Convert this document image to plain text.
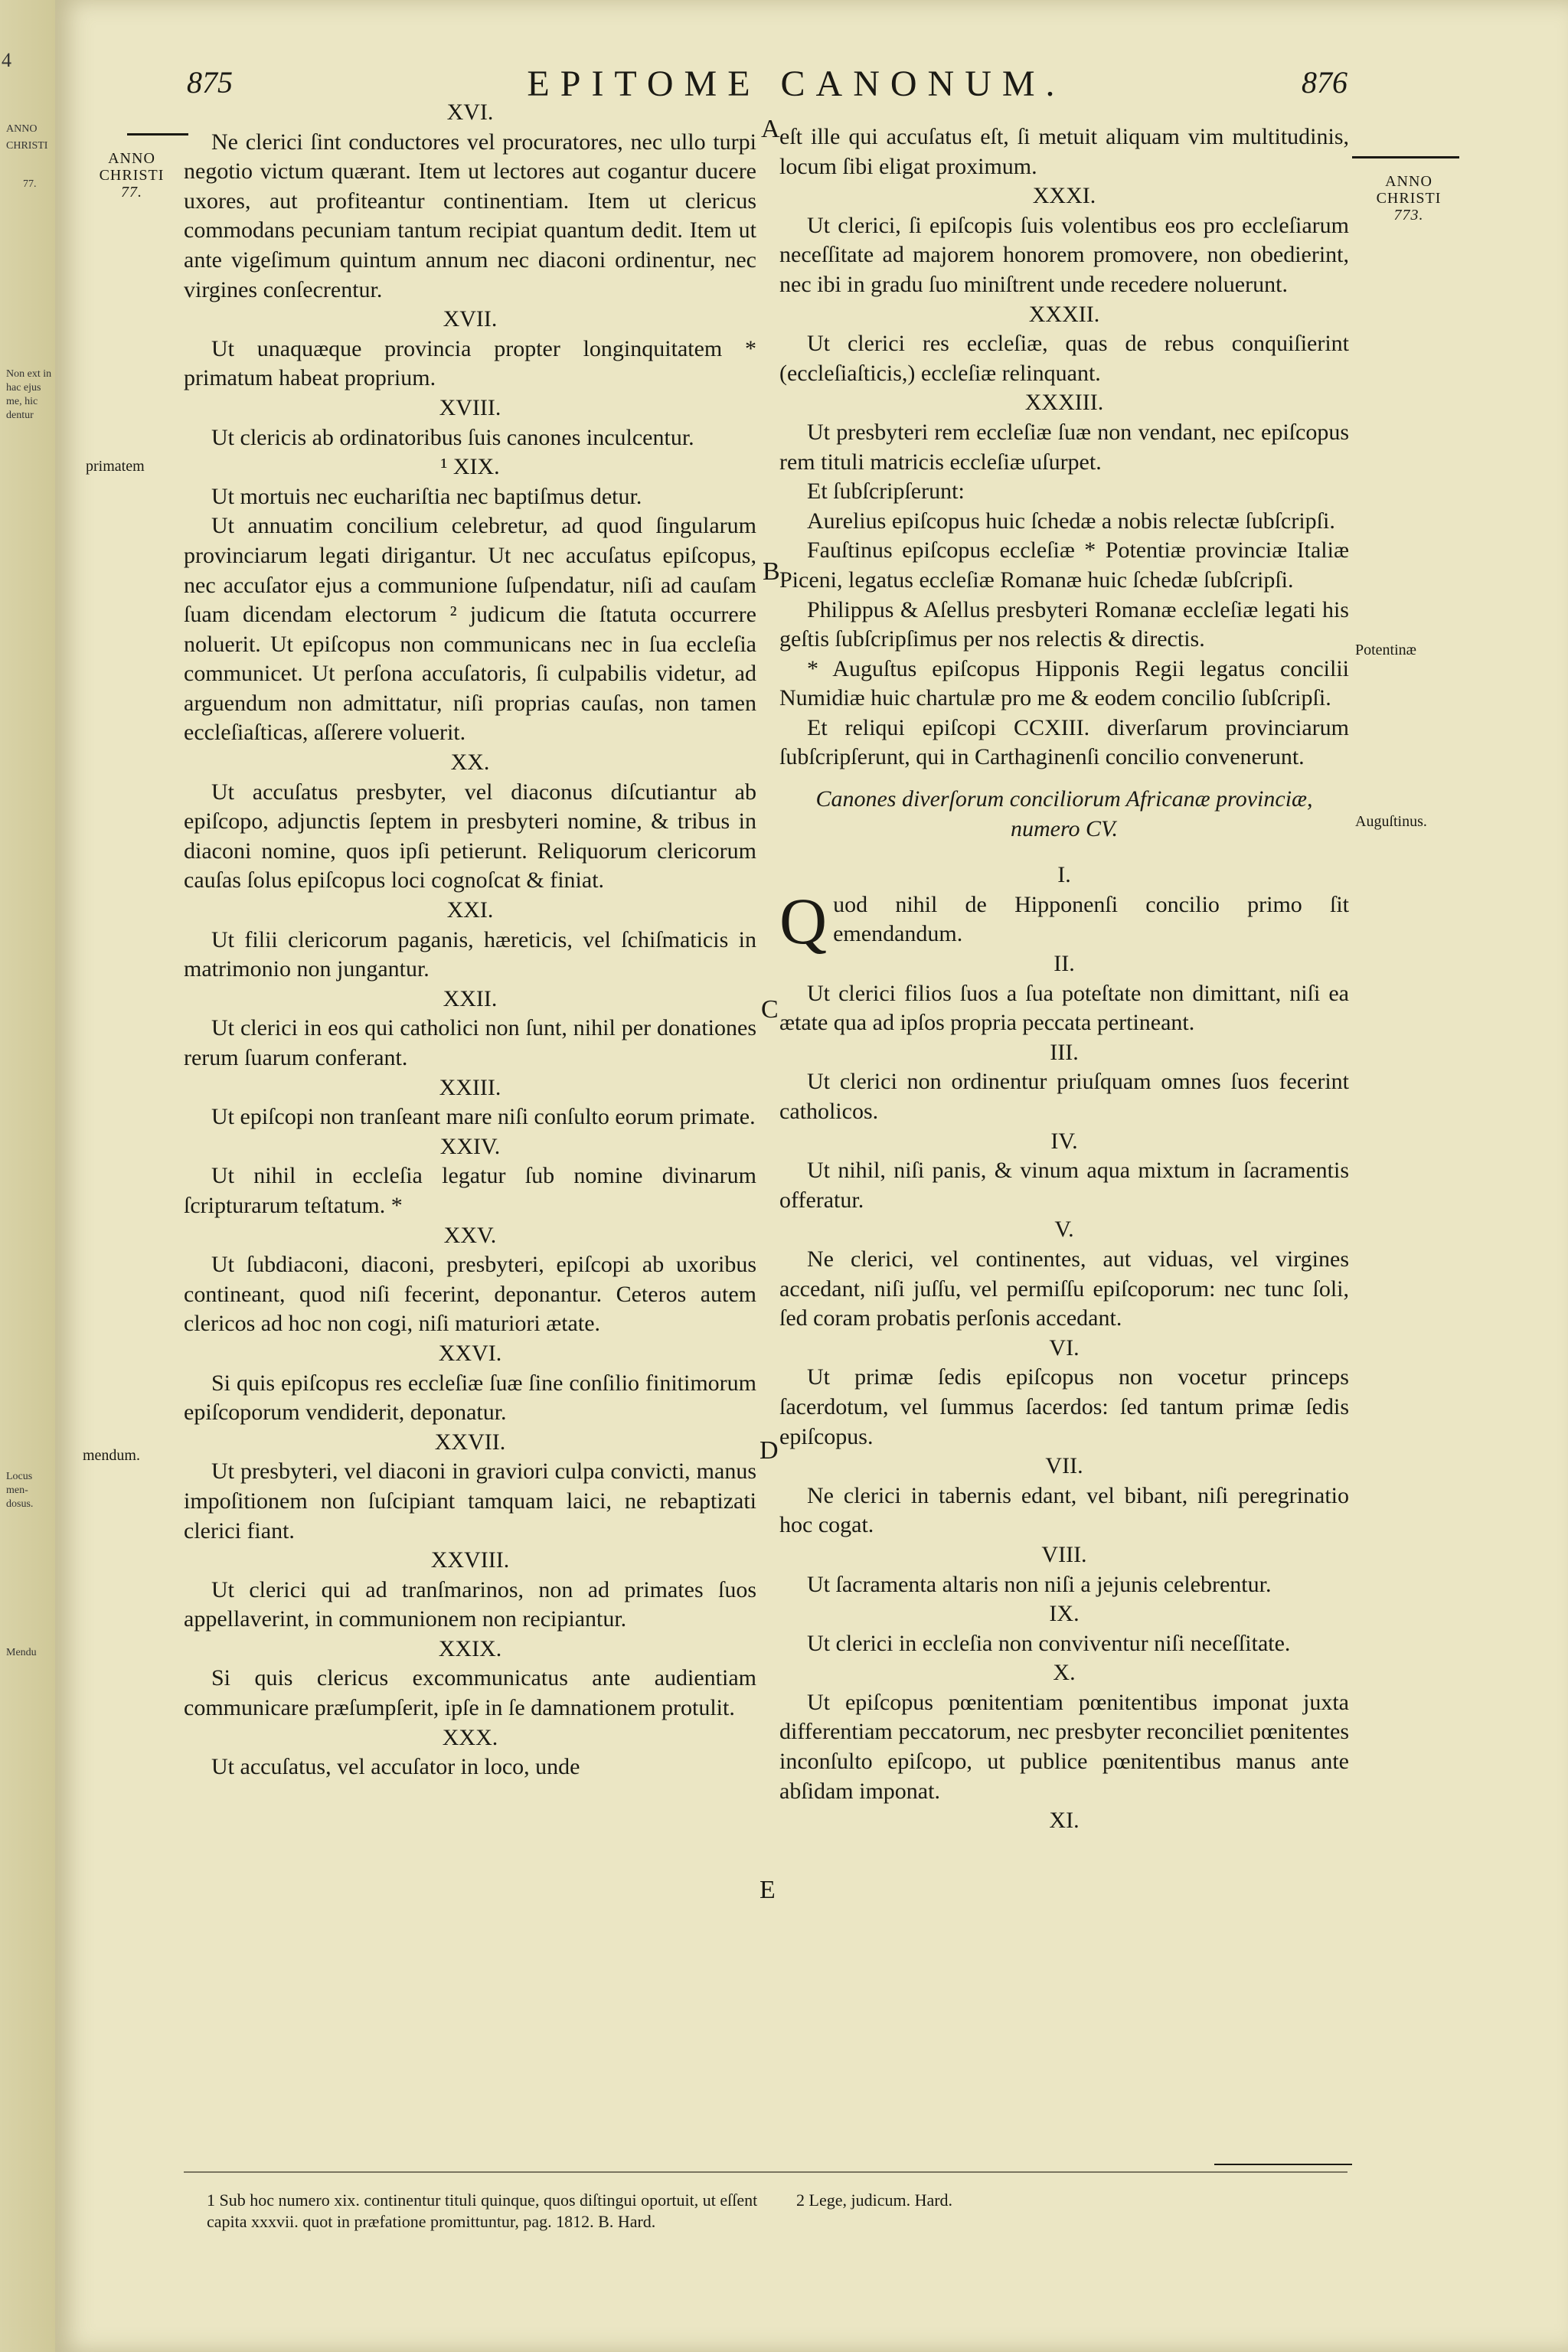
4
ANNO
CHRISTI
77.
Non ext in hac ejus me, hic dentur
Locus men- dosus.
Mendu
875	EPITOME CANONUM.	876
ANNO
CHRISTI
77.
primatem
mendum.
ANNO
CHRISTI
773.
Potentinæ
Auguſtinus.
A
B
C
D
E
XVI.
Ne clerici ſint conductores vel procuratores, nec ullo turpi negotio victum quærant. Item ut lectores aut cogantur ducere uxores, aut profiteantur continentiam. Item ut clericus commodans pecuniam tantum recipiat quantum dedit. Item ut ante vigeſimum quintum annum nec diaconi ordinentur, nec virgines conſecrentur.
XVII.
Ut unaquæque provincia propter longinquitatem * primatum habeat proprium.
XVIII.
Ut clericis ab ordinatoribus ſuis canones inculcentur.
¹ XIX.
Ut mortuis nec euchariſtia nec baptiſmus detur.
Ut annuatim concilium celebretur, ad quod ſingularum provinciarum legati dirigantur. Ut nec accuſatus epiſcopus, nec accuſator ejus a communione ſuſpendatur, niſi ad cauſam ſuam dicendam electorum ² judicum die ſtatuta occurrere noluerit. Ut epiſcopus non communicans nec in ſua eccleſia communicet. Ut perſona accuſatoris, ſi culpabilis videtur, ad arguendum non admittatur, niſi proprias cauſas, non tamen eccleſiaſticas, aſſerere voluerit.
XX.
Ut accuſatus presbyter, vel diaconus diſcutiantur ab epiſcopo, adjunctis ſeptem in presbyteri nomine, & tribus in diaconi nomine, quos ipſi petierunt. Reliquorum clericorum cauſas ſolus epiſcopus loci cognoſcat & finiat.
XXI.
Ut filii clericorum paganis, hæreticis, vel ſchiſmaticis in matrimonio non jungantur.
XXII.
Ut clerici in eos qui catholici non ſunt, nihil per donationes rerum ſuarum conferant.
XXIII.
Ut epiſcopi non tranſeant mare niſi conſulto eorum primate.
XXIV.
Ut nihil in eccleſia legatur ſub nomine divinarum ſcripturarum teſtatum. *
XXV.
Ut ſubdiaconi, diaconi, presbyteri, epiſcopi ab uxoribus contineant, quod niſi fecerint, deponantur. Ceteros autem clericos ad hoc non cogi, niſi maturiori ætate.
XXVI.
Si quis epiſcopus res eccleſiæ ſuæ ſine conſilio finitimorum epiſcoporum vendiderit, deponatur.
XXVII.
Ut presbyteri, vel diaconi in graviori culpa convicti, manus impoſitionem non ſuſcipiant tamquam laici, ne rebaptizati clerici fiant.
XXVIII.
Ut clerici qui ad tranſmarinos, non ad primates ſuos appellaverint, in communionem non recipiantur.
XXIX.
Si quis clericus excommunicatus ante audientiam communicare præſumpſerit, ipſe in ſe damnationem protulit.
XXX.
Ut accuſatus, vel accuſator in loco, unde
eſt ille qui accuſatus eſt, ſi metuit aliquam vim multitudinis, locum ſibi eligat proximum.
XXXI.
Ut clerici, ſi epiſcopis ſuis volentibus eos pro eccleſiarum neceſſitate ad majorem honorem promovere, non obedierint, nec ibi in gradu ſuo miniſtrent unde recedere noluerunt.
XXXII.
Ut clerici res eccleſiæ, quas de rebus conquiſierint (eccleſiaſticis,) eccleſiæ relinquant.
XXXIII.
Ut presbyteri rem eccleſiæ ſuæ non vendant, nec epiſcopus rem tituli matricis eccleſiæ uſurpet.
Et ſubſcripſerunt:
Aurelius epiſcopus huic ſchedæ a nobis relectæ ſubſcripſi.
Fauſtinus epiſcopus eccleſiæ * Potentiæ provinciæ Italiæ Piceni, legatus eccleſiæ Romanæ huic ſchedæ ſubſcripſi.
Philippus & Aſellus presbyteri Romanæ eccleſiæ legati his geſtis ſubſcripſimus per nos relectis & directis.
* Auguſtus epiſcopus Hipponis Regii legatus concilii Numidiæ huic chartulæ pro me & eodem concilio ſubſcripſi.
Et reliqui epiſcopi CCXIII. diverſarum provinciarum ſubſcripſerunt, qui in Carthaginenſi concilio convenerunt.
Canones diverſorum conciliorum Africanæ provinciæ, numero CV.
I.
Quod nihil de Hipponenſi concilio primo ſit emendandum.
II.
Ut clerici filios ſuos a ſua poteſtate non dimittant, niſi ea ætate qua ad ipſos propria peccata pertineant.
III.
Ut clerici non ordinentur priuſquam omnes ſuos fecerint catholicos.
IV.
Ut nihil, niſi panis, & vinum aqua mixtum in ſacramentis offeratur.
V.
Ne clerici, vel continentes, aut viduas, vel virgines accedant, niſi juſſu, vel permiſſu epiſcoporum: nec tunc ſoli, ſed coram probatis perſonis accedant.
VI.
Ut primæ ſedis epiſcopus non vocetur princeps ſacerdotum, vel ſummus ſacerdos: ſed tantum primæ ſedis epiſcopus.
VII.
Ne clerici in tabernis edant, vel bibant, niſi peregrinatio hoc cogat.
VIII.
Ut ſacramenta altaris non niſi a jejunis celebrentur.
IX.
Ut clerici in eccleſia non conviventur niſi neceſſitate.
X.
Ut epiſcopus pœnitentiam pœnitentibus imponat juxta differentiam peccatorum, nec presbyter reconciliet pœnitentes inconſulto epiſcopo, ut publice pœnitentibus manus ante abſidam imponat.
XI.
1 Sub hoc numero xix. continentur tituli quinque, quos diſtingui oportuit, ut eſſent capita xxxvii. quot in præfatione promittuntur, pag. 1812. B. Hard.
2 Lege, judicum. Hard.
